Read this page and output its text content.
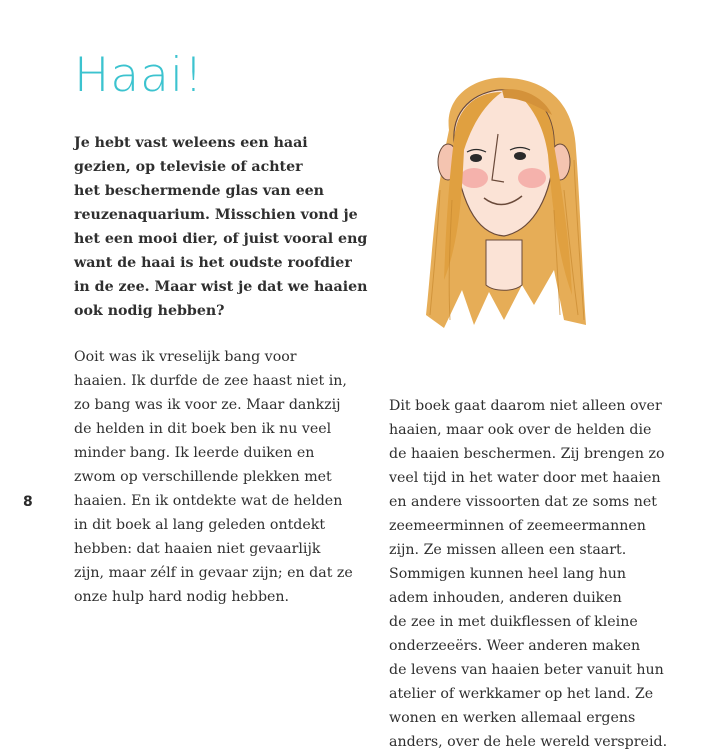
Haai!

Je hebt vast weleens een haai
gezien, op televisie of achter
het beschermende glas van een
reuzenaquarium. Misschien vond je
het een mooi dier, of juist vooral eng
want de haai is het oudste roofdier
in de zee. Maar wist je dat we haaien
ook nodig hebben?

Ooit was ik vreselijk bang voor
haaien. Ik durfde de zee haast niet in,
zo bang was ik voor ze. Maar dankzij
de helden in dit boek ben ik nu veel
minder bang. Ik leerde duiken en
zwom op verschillende plekken met
haaien. En ik ontdekte wat de helden
in dit boek al lang geleden ontdekt
hebben: dat haaien niet gevaarlijk
zijn, maar zélf in gevaar zijn; en dat ze
onze hulp hard nodig hebben.

8

Dit boek gaat daarom niet alleen over
haaien, maar ook over de helden die
de haaien beschermen. Zij brengen zo
veel tijd in het water door met haaien
en andere vissoorten dat ze soms net
zeemeerminnen of zeemeermannen
zijn. Ze missen alleen een staart.
Sommigen kunnen heel lang hun
adem inhouden, anderen duiken
de zee in met duikflessen of kleine
onderzeeërs. Weer anderen maken
de levens van haaien beter vanuit hun
atelier of werkkamer op het land. Ze
wonen en werken allemaal ergens
anders, over de hele wereld verspreid.
